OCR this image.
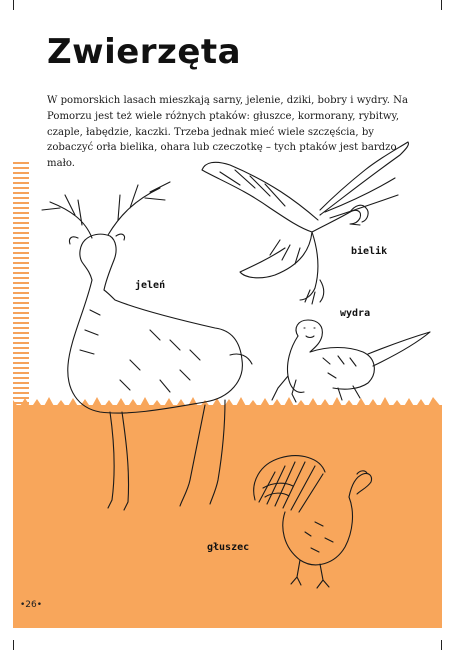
Zwierzęta
W pomorskich lasach mieszkają sarny, jelenie, dziki, bobry i wydry. Na Pomorzu jest też wiele różnych ptaków: głuszce, kormorany, rybitwy, czaple, łabędzie, kaczki. Trzeba jednak mieć wiele szczęścia, by zobaczyć orła bielika, ohara lub czeczotkę – tych ptaków jest bardzo mało.
bielik
jeleń
wydra
głuszec
•26•
